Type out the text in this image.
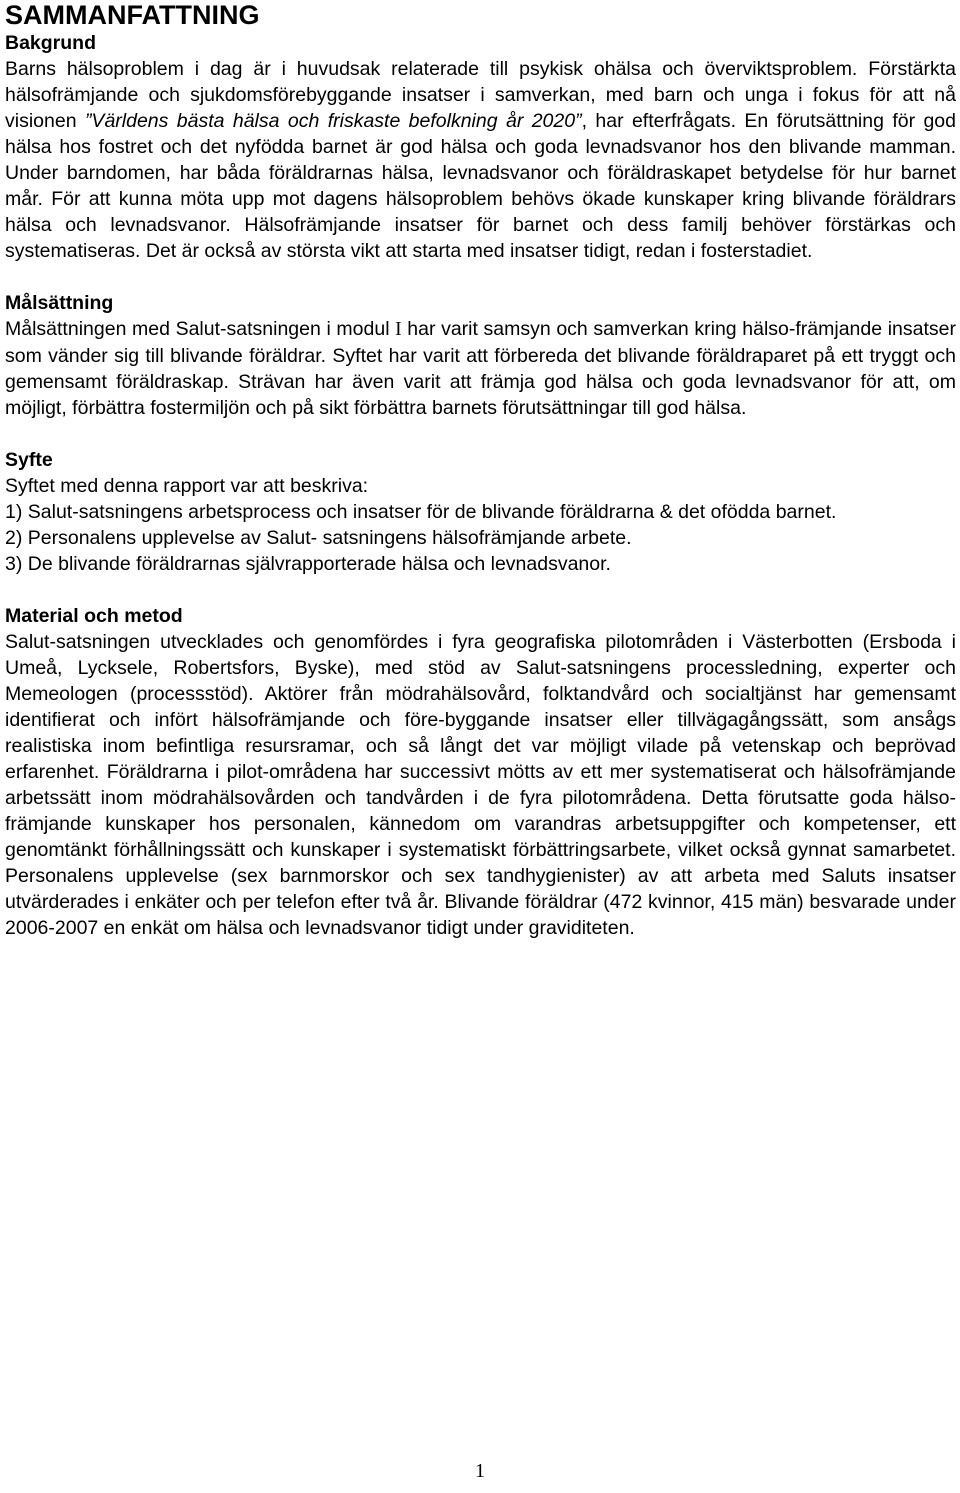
SAMMANFATTNING
Bakgrund

Barns hälsoproblem i dag är i huvudsak relaterade till psykisk ohälsa och överviktsproblem. Förstärkta hälsofrämjande och sjukdomsförebyggande insatser i samverkan, med barn och unga i fokus för att nå visionen ”Världens bästa hälsa och friskaste befolkning år 2020”, har efterfrågats. En förutsättning för god hälsa hos fostret och det nyfödda barnet är god hälsa och goda levnadsvanor hos den blivande mamman. Under barndomen, har båda föräldrarnas hälsa, levnadsvanor och föräldraskapet betydelse för hur barnet mår. För att kunna möta upp mot dagens hälsoproblem behövs ökade kunskaper kring blivande föräldrars hälsa och levnadsvanor. Hälsofrämjande insatser för barnet och dess familj behöver förstärkas och systematiseras. Det är också av största vikt att starta med insatser tidigt, redan i fosterstadiet.

Målsättning

Målsättningen med Salut-satsningen i modul I har varit samsyn och samverkan kring hälso-främjande insatser som vänder sig till blivande föräldrar. Syftet har varit att förbereda det blivande föräldraparet på ett tryggt och gemensamt föräldraskap. Strävan har även varit att främja god hälsa och goda levnadsvanor för att, om möjligt, förbättra fostermiljön och på sikt förbättra barnets förutsättningar till god hälsa.

Syfte

Syftet med denna rapport var att beskriva:

1) Salut-satsningens arbetsprocess och insatser för de blivande föräldrarna & det ofödda barnet.

2) Personalens upplevelse av Salut- satsningens hälsofrämjande arbete.

3) De blivande föräldrarnas självrapporterade hälsa och levnadsvanor.

Material och metod

Salut-satsningen utvecklades och genomfördes i fyra geografiska pilotområden i Västerbotten (Ersboda i Umeå, Lycksele, Robertsfors, Byske), med stöd av Salut-satsningens processledning, experter och Memeologen (processstöd). Aktörer från mödrahälsovård, folktandvård och socialtjänst har gemensamt identifierat och infört hälsofrämjande och före-byggande insatser eller tillvägagångssätt, som ansågs realistiska inom befintliga resursramar, och så långt det var möjligt vilade på vetenskap och beprövad erfarenhet. Föräldrarna i pilot-områdena har successivt mötts av ett mer systematiserat och hälsofrämjande arbetssätt inom mödrahälsovården och tandvården i de fyra pilotområdena. Detta förutsatte goda hälso-främjande kunskaper hos personalen, kännedom om varandras arbetsuppgifter och kompetenser, ett genomtänkt förhållningssätt och kunskaper i systematiskt förbättringsarbete, vilket också gynnat samarbetet. Personalens upplevelse (sex barnmorskor och sex tandhygienister) av att arbeta med Saluts insatser utvärderades i enkäter och per telefon efter två år. Blivande föräldrar (472 kvinnor, 415 män) besvarade under 2006-2007 en enkät om hälsa och levnadsvanor tidigt under graviditeten.

1
